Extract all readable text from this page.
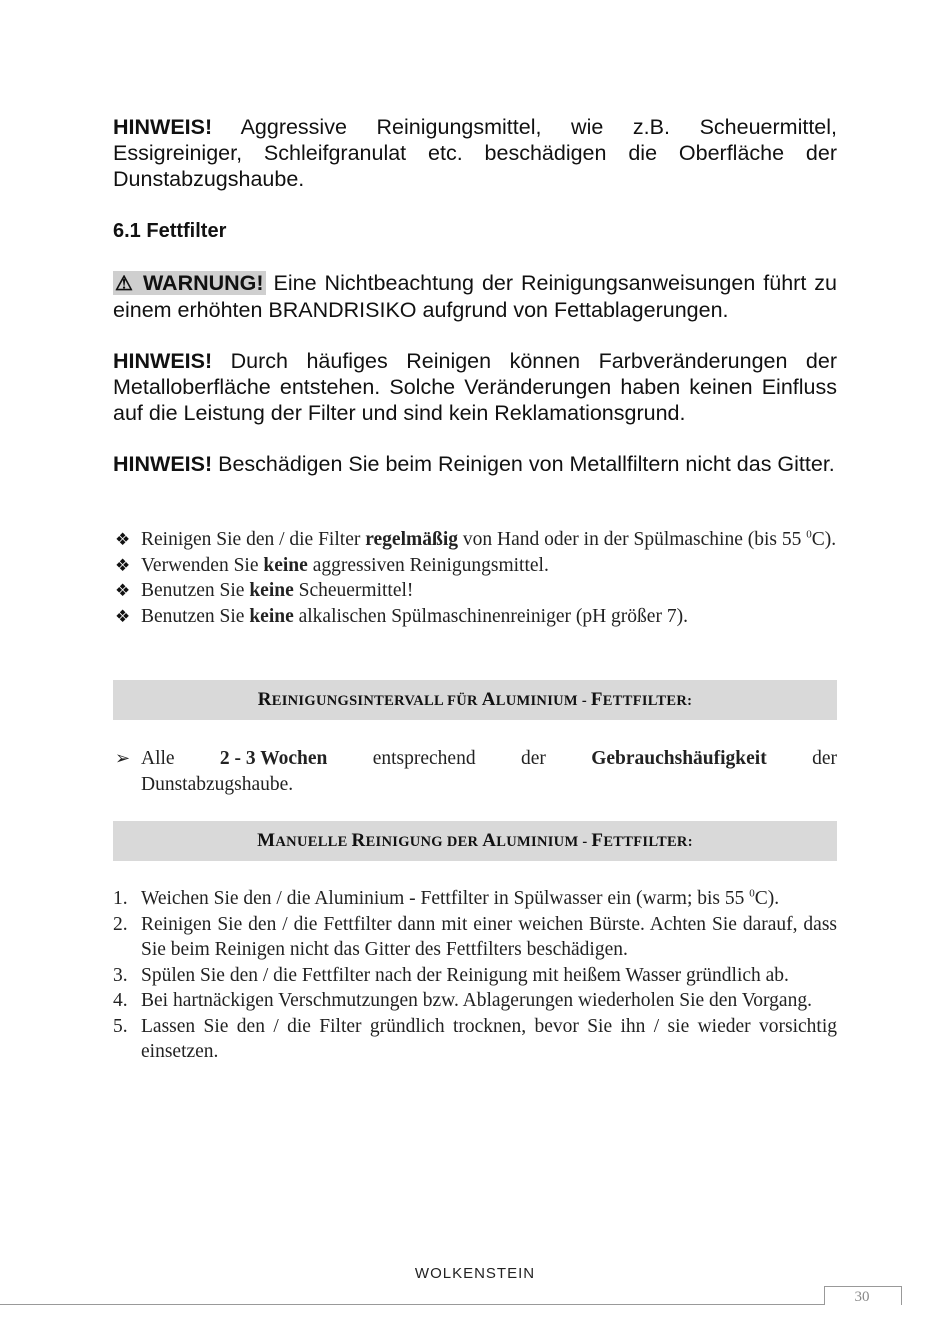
HINWEIS! Aggressive Reinigungsmittel, wie z.B. Scheuermittel, Essigreiniger, Schleifgranulat etc. beschädigen die Oberfläche der Dunstabzugshaube.
6.1 Fettfilter
⚠ WARNUNG! Eine Nichtbeachtung der Reinigungsanweisungen führt zu einem erhöhten BRANDRISIKO aufgrund von Fettablagerungen.
HINWEIS! Durch häufiges Reinigen können Farbveränderungen der Metalloberfläche entstehen. Solche Veränderungen haben keinen Einfluss auf die Leistung der Filter und sind kein Reklamationsgrund.
HINWEIS! Beschädigen Sie beim Reinigen von Metallfiltern nicht das Gitter.
❖ Reinigen Sie den / die Filter regelmäßig von Hand oder in der Spülmaschine (bis 55 $^0$C).
❖ Verwenden Sie keine aggressiven Reinigungsmittel.
❖ Benutzen Sie keine Scheuermittel!
❖ Benutzen Sie keine alkalischen Spülmaschinenreiniger (pH größer 7).
REINIGUNGSINTERVALL FÜR ALUMINIUM - FETTFILTER:
➢ Alle 2 - 3 Wochen entsprechend der Gebrauchshäufigkeit der
Dunstabzugshaube.
MANUELLE REINIGUNG DER ALUMINIUM - FETTFILTER:
1. Weichen Sie den / die Aluminium - Fettfilter in Spülwasser ein (warm; bis 55 $^0$C).
2. Reinigen Sie den / die Fettfilter dann mit einer weichen Bürste. Achten Sie darauf, dass Sie beim Reinigen nicht das Gitter des Fettfilters beschädigen.
3. Spülen Sie den / die Fettfilter nach der Reinigung mit heißem Wasser gründlich ab.
4. Bei hartnäckigen Verschmutzungen bzw. Ablagerungen wiederholen Sie den Vorgang.
5. Lassen Sie den / die Filter gründlich trocknen, bevor Sie ihn / sie wieder vorsichtig einsetzen.
WOLKENSTEIN
30
